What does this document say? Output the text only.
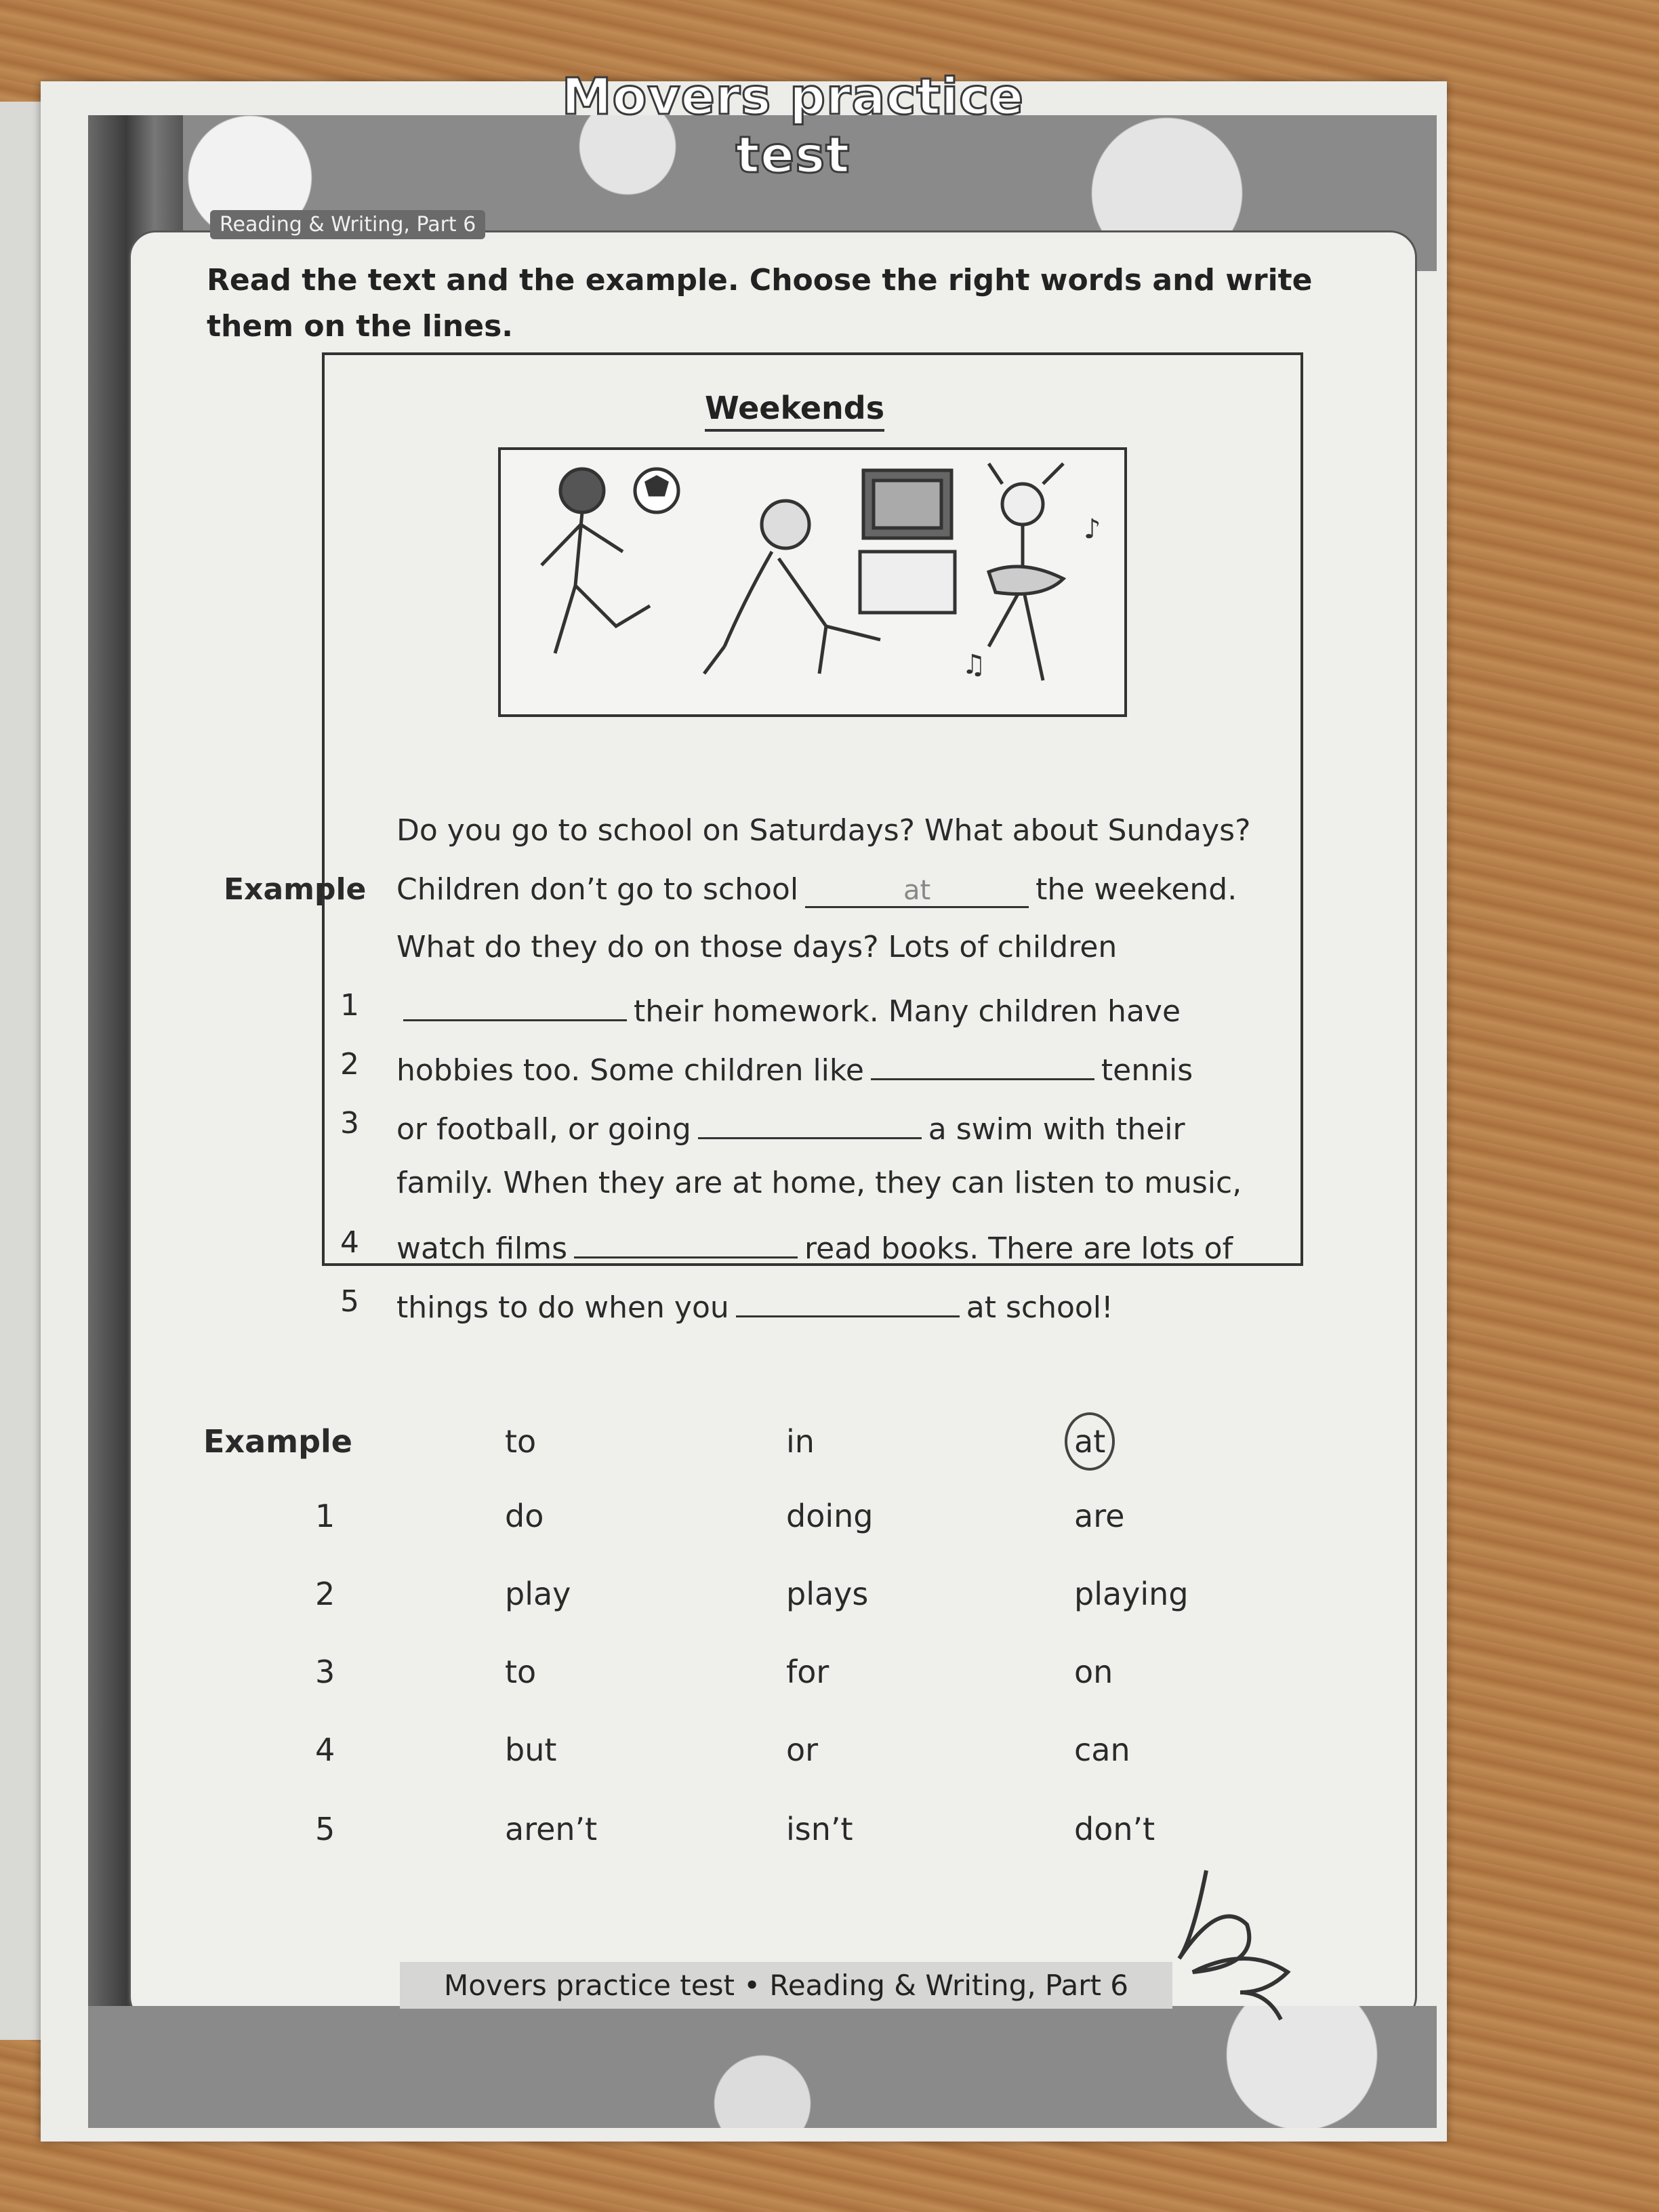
Movers practice test
Reading & Writing, Part 6
Read the text and the example. Choose the right words and write them on the lines.
Weekends
♪
♫
Do you go to school on Saturdays? What about Sundays?
Example Children don’t go to school	at	the weekend.
What do they do on those days? Lots of children
1	their homework. Many children have
2 hobbies too. Some children like	tennis
3 or football, or going	a swim with their
family. When they are at home, they can listen to music,
4 watch films	read books. There are lots of
5 things to do when you	at school!
Example	to	in	at
1	do	doing	are
2	play	plays	playing
3	to	for	on
4	but	or	can
5	aren’t	isn’t	don’t
Movers practice test • Reading & Writing, Part 6
